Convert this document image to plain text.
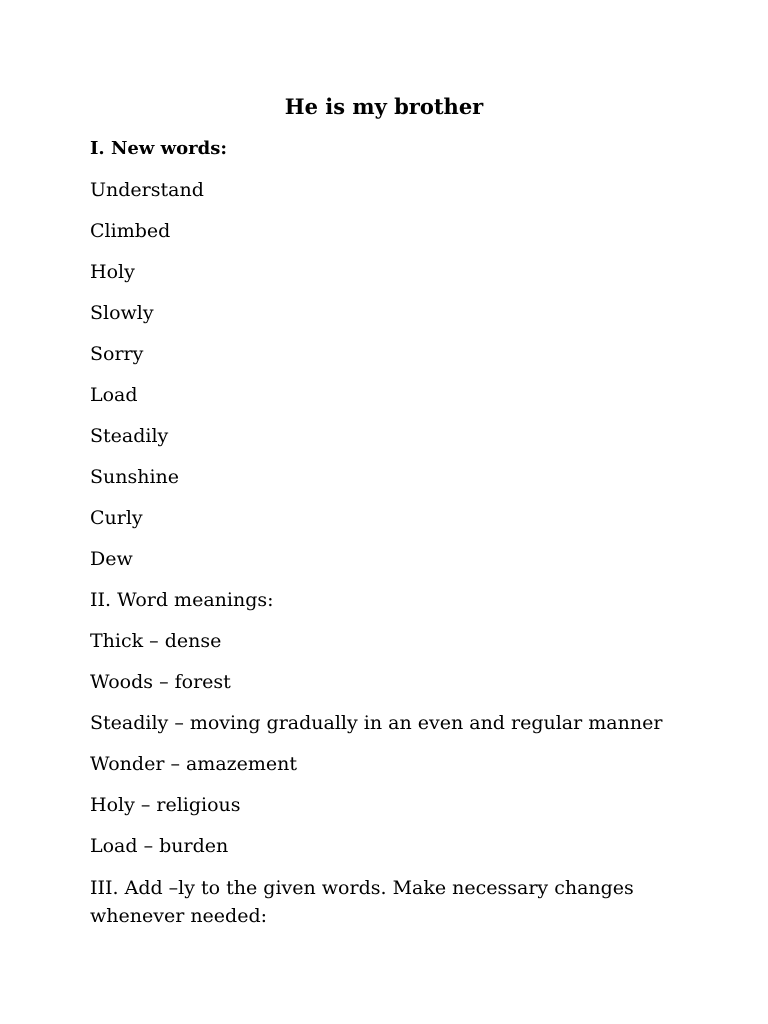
He is my brother

I. New words:

Understand

Climbed

Holy

Slowly

Sorry

Load

Steadily

Sunshine

Curly

Dew

II. Word meanings:

Thick – dense

Woods – forest

Steadily – moving gradually in an even and regular manner

Wonder – amazement

Holy – religious

Load – burden

III. Add –ly to the given words. Make necessary changes whenever needed:
